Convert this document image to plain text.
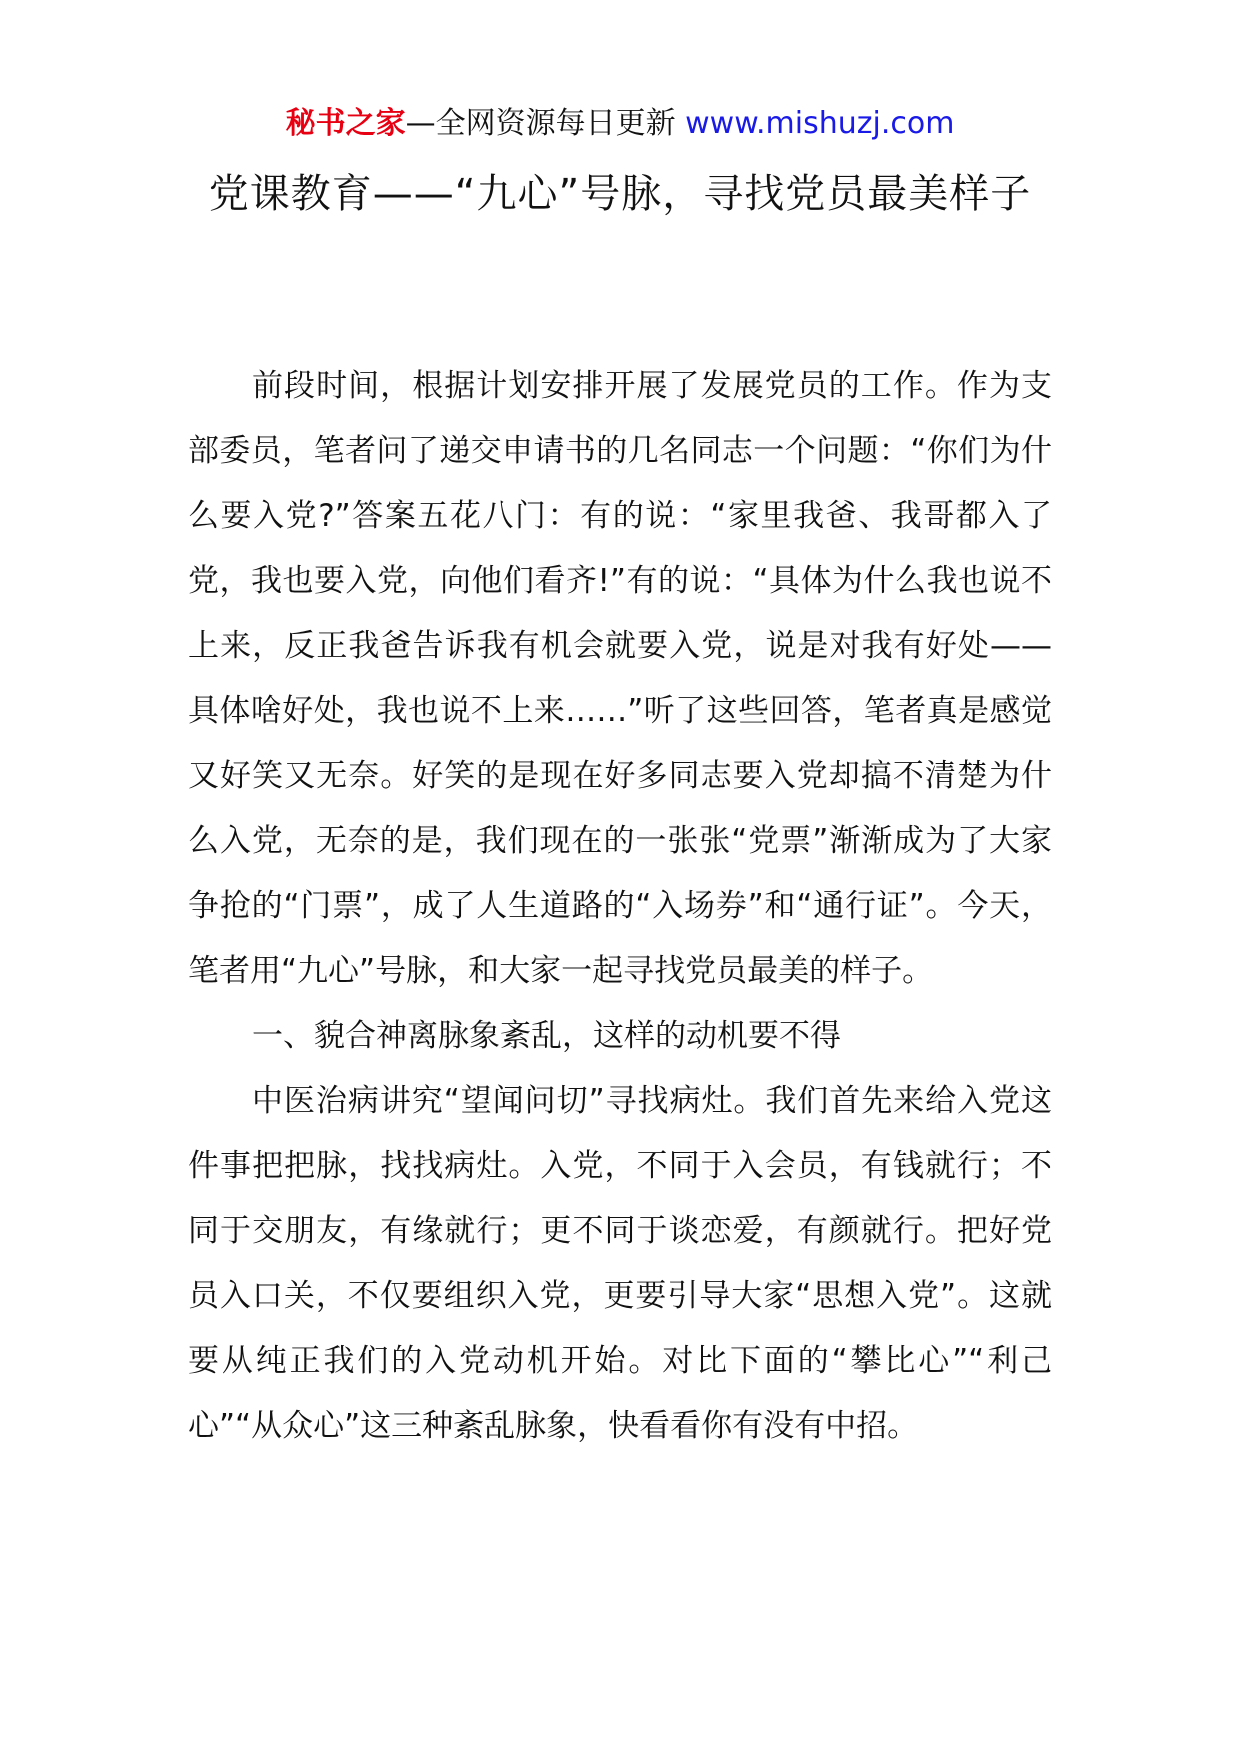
秘书之家—全网资源每日更新 www.mishuzj.com
党课教育——“九心”号脉，寻找党员最美样子

前段时间，根据计划安排开展了发展党员的工作。作为支部委员，笔者问了递交申请书的几名同志一个问题：“你们为什么要入党?”答案五花八门：有的说：“家里我爸、我哥都入了党，我也要入党，向他们看齐!”有的说：“具体为什么我也说不上来，反正我爸告诉我有机会就要入党，说是对我有好处——具体啥好处，我也说不上来……”听了这些回答，笔者真是感觉又好笑又无奈。好笑的是现在好多同志要入党却搞不清楚为什么入党，无奈的是，我们现在的一张张“党票”渐渐成为了大家争抢的“门票”，成了人生道路的“入场券”和“通行证”。今天，笔者用“九心”号脉，和大家一起寻找党员最美的样子。

一、貌合神离脉象紊乱，这样的动机要不得

中医治病讲究“望闻问切”寻找病灶。我们首先来给入党这件事把把脉，找找病灶。入党，不同于入会员，有钱就行；不同于交朋友，有缘就行；更不同于谈恋爱，有颜就行。把好党员入口关，不仅要组织入党，更要引导大家“思想入党”。这就要从纯正我们的入党动机开始。对比下面的“攀比心”“利己心”“从众心”这三种紊乱脉象，快看看你有没有中招。
